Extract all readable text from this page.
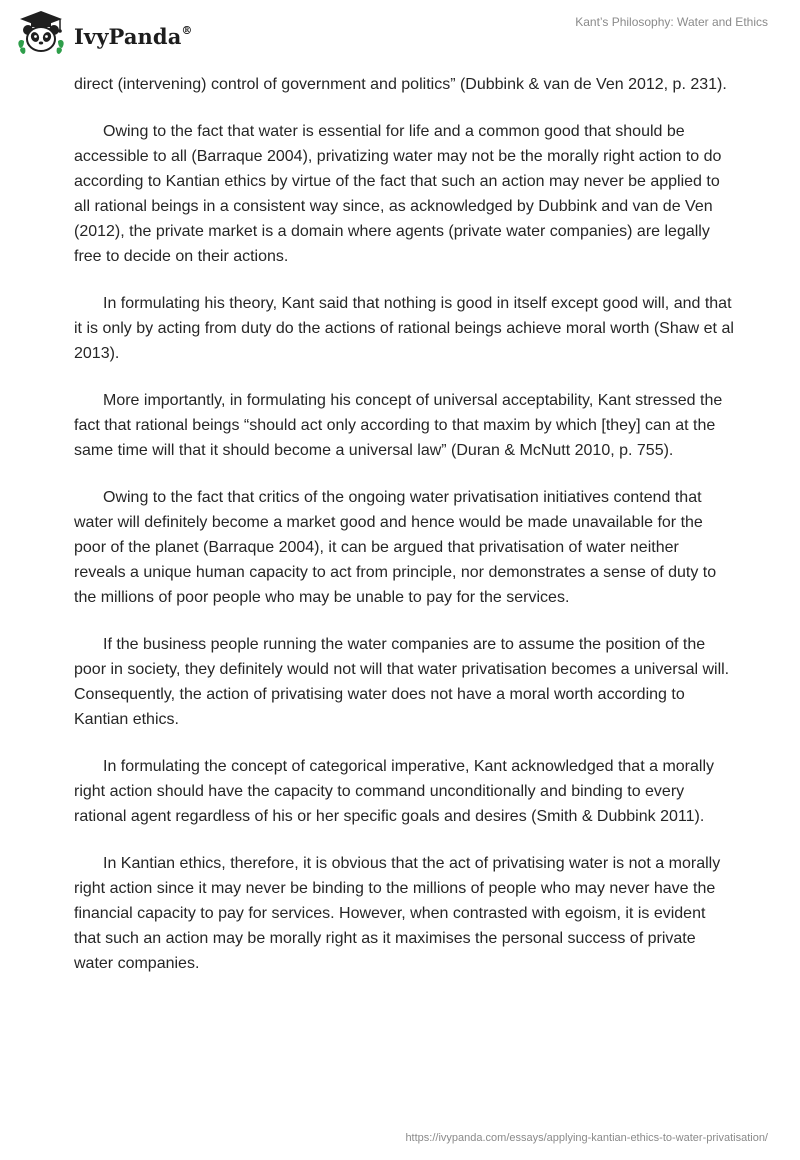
IvyPanda®
Kant’s Philosophy: Water and Ethics

direct (intervening) control of government and politics” (Dubbink & van de Ven 2012, p. 231).

Owing to the fact that water is essential for life and a common good that should be accessible to all (Barraque 2004), privatizing water may not be the morally right action to do according to Kantian ethics by virtue of the fact that such an action may never be applied to all rational beings in a consistent way since, as acknowledged by Dubbink and van de Ven (2012), the private market is a domain where agents (private water companies) are legally free to decide on their actions.

In formulating his theory, Kant said that nothing is good in itself except good will, and that it is only by acting from duty do the actions of rational beings achieve moral worth (Shaw et al 2013).

More importantly, in formulating his concept of universal acceptability, Kant stressed the fact that rational beings “should act only according to that maxim by which [they] can at the same time will that it should become a universal law” (Duran & McNutt 2010, p. 755).

Owing to the fact that critics of the ongoing water privatisation initiatives contend that water will definitely become a market good and hence would be made unavailable for the poor of the planet (Barraque 2004), it can be argued that privatisation of water neither reveals a unique human capacity to act from principle, nor demonstrates a sense of duty to the millions of poor people who may be unable to pay for the services.

If the business people running the water companies are to assume the position of the poor in society, they definitely would not will that water privatisation becomes a universal will. Consequently, the action of privatising water does not have a moral worth according to Kantian ethics.

In formulating the concept of categorical imperative, Kant acknowledged that a morally right action should have the capacity to command unconditionally and binding to every rational agent regardless of his or her specific goals and desires (Smith & Dubbink 2011).

In Kantian ethics, therefore, it is obvious that the act of privatising water is not a morally right action since it may never be binding to the millions of people who may never have the financial capacity to pay for services. However, when contrasted with egoism, it is evident that such an action may be morally right as it maximises the personal success of private water companies.

https://ivypanda.com/essays/applying-kantian-ethics-to-water-privatisation/
